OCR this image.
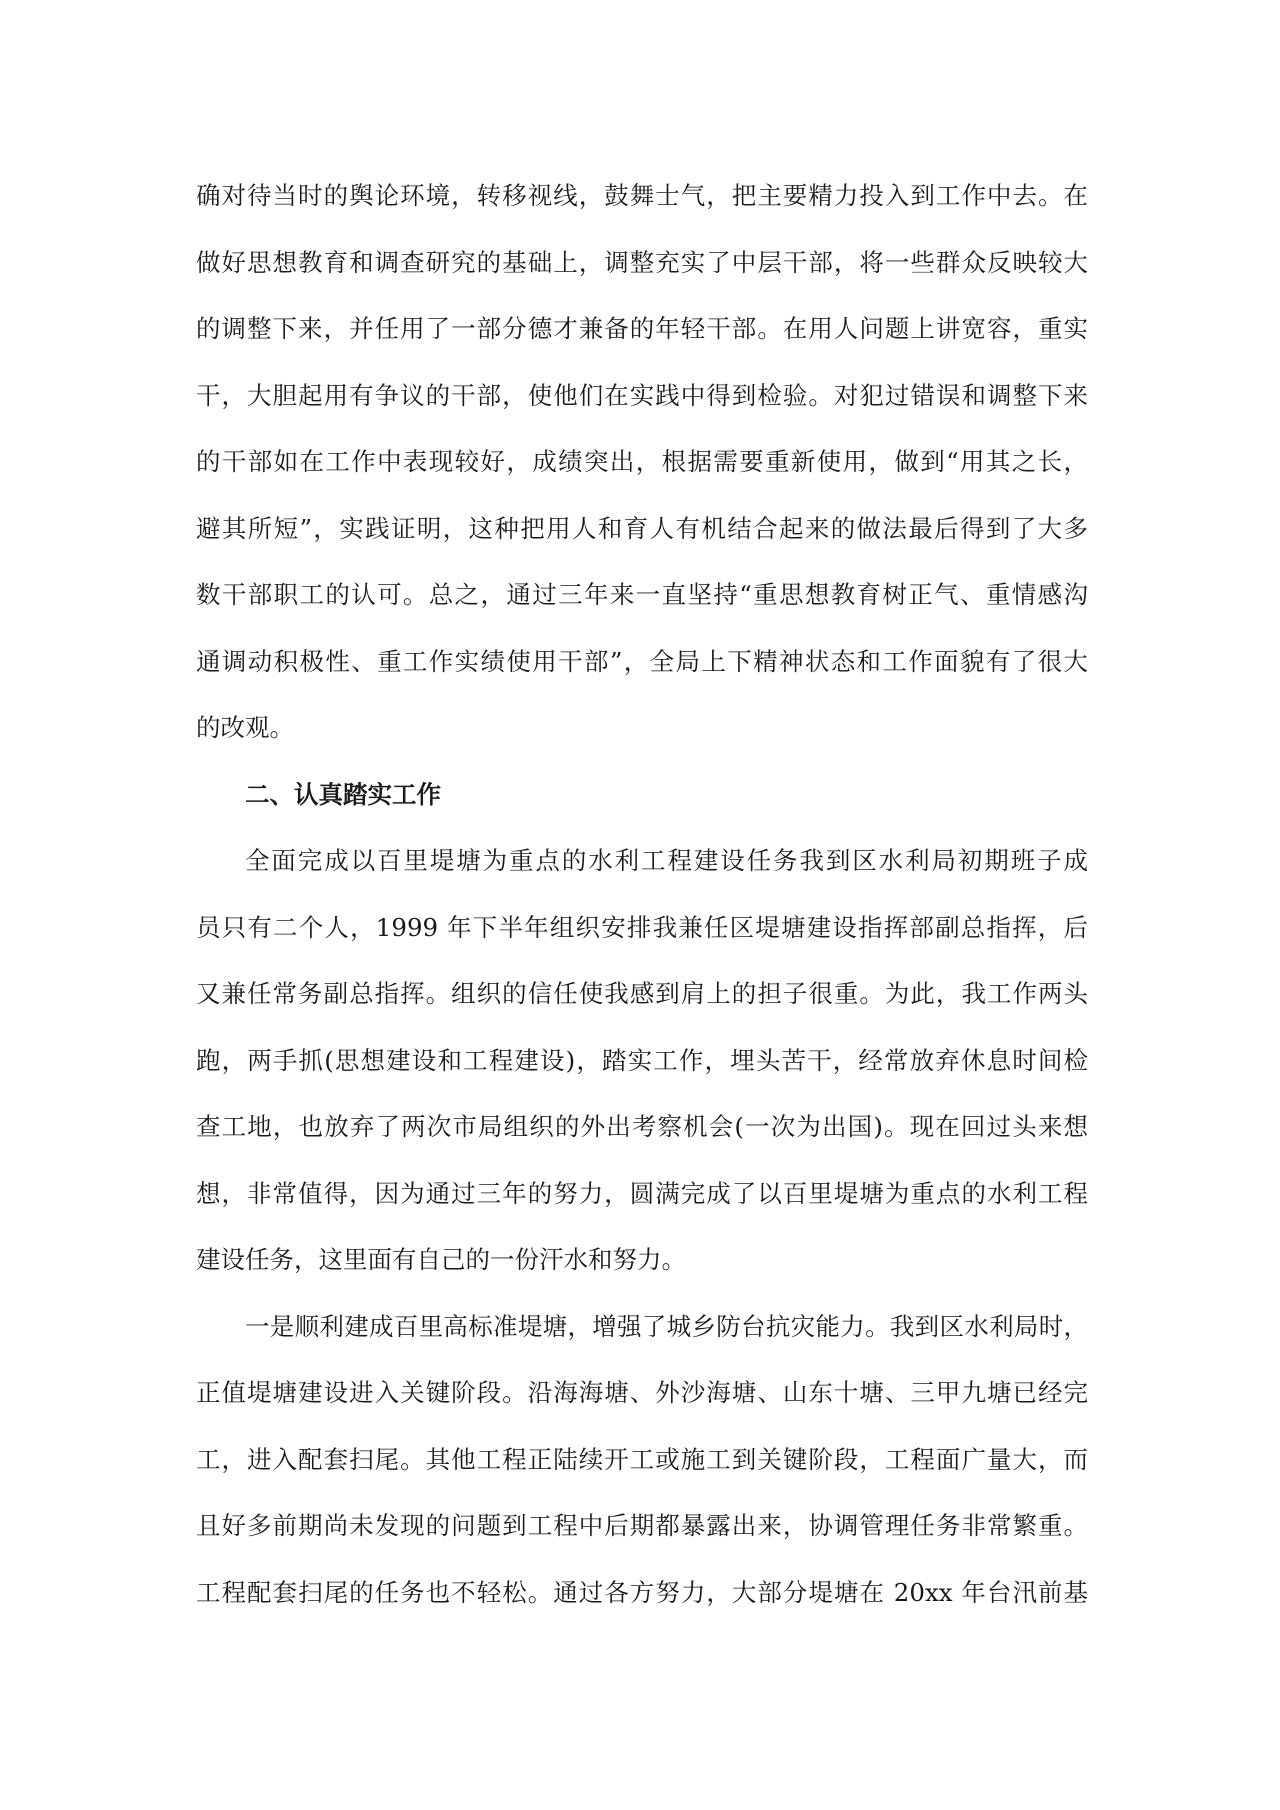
确对待当时的舆论环境，转移视线，鼓舞士气，把主要精力投入到工作中去。在
做好思想教育和调查研究的基础上，调整充实了中层干部，将一些群众反映较大
的调整下来，并任用了一部分德才兼备的年轻干部。在用人问题上讲宽容，重实
干，大胆起用有争议的干部，使他们在实践中得到检验。对犯过错误和调整下来
的干部如在工作中表现较好，成绩突出，根据需要重新使用，做到“用其之长，
避其所短”，实践证明，这种把用人和育人有机结合起来的做法最后得到了大多
数干部职工的认可。总之，通过三年来一直坚持“重思想教育树正气、重情感沟
通调动积极性、重工作实绩使用干部”，全局上下精神状态和工作面貌有了很大
的改观。
二、认真踏实工作
全面完成以百里堤塘为重点的水利工程建设任务我到区水利局初期班子成
员只有二个人，1999 年下半年组织安排我兼任区堤塘建设指挥部副总指挥，后
又兼任常务副总指挥。组织的信任使我感到肩上的担子很重。为此，我工作两头
跑，两手抓(思想建设和工程建设)，踏实工作，埋头苦干，经常放弃休息时间检
查工地，也放弃了两次市局组织的外出考察机会(一次为出国)。现在回过头来想
想，非常值得，因为通过三年的努力，圆满完成了以百里堤塘为重点的水利工程
建设任务，这里面有自己的一份汗水和努力。
一是顺利建成百里高标准堤塘，增强了城乡防台抗灾能力。我到区水利局时，
正值堤塘建设进入关键阶段。沿海海塘、外沙海塘、山东十塘、三甲九塘已经完
工，进入配套扫尾。其他工程正陆续开工或施工到关键阶段，工程面广量大，而
且好多前期尚未发现的问题到工程中后期都暴露出来，协调管理任务非常繁重。
工程配套扫尾的任务也不轻松。通过各方努力，大部分堤塘在 20xx 年台汛前基
